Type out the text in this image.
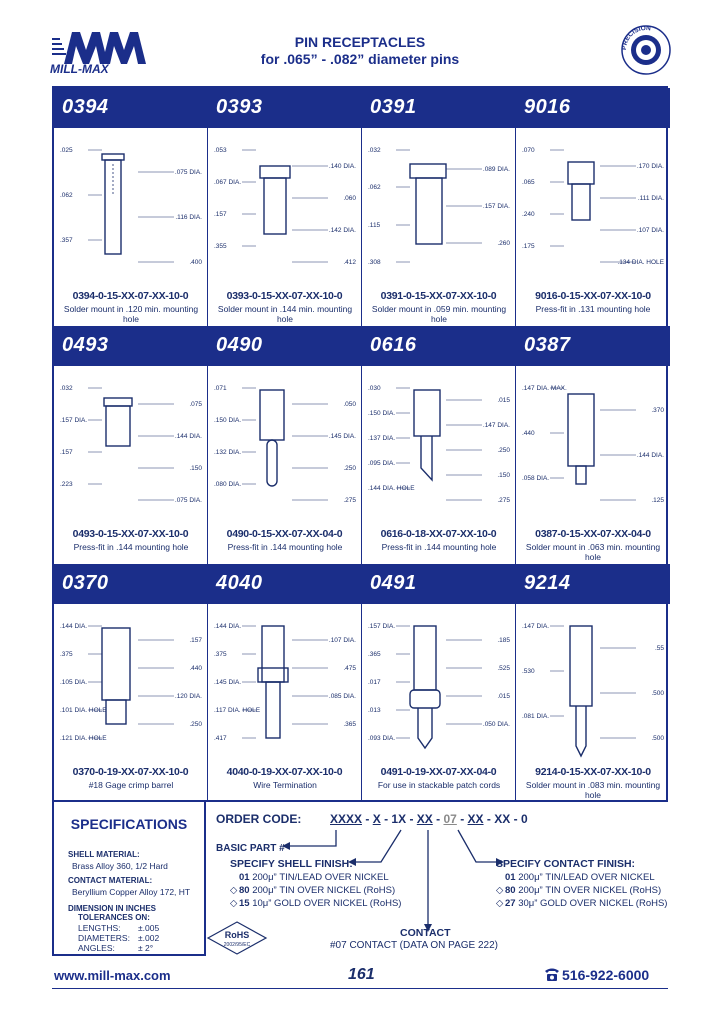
MILL-MAX
PIN RECEPTACLES
for .065” - .082” diameter pins
PRECISION
0394
.025
.075 DIA.
.062
.116 DIA.
.357
.400
0394-0-15-XX-07-XX-10-0
Solder mount in .120 min. mounting hole
0393
.053
.140 DIA.
.067 DIA.
.060
.157
.142 DIA.
.355
.412
0393-0-15-XX-07-XX-10-0
Solder mount in .144 min. mounting hole
0391
.032
.089 DIA.
.062
.157 DIA.
.115
.260
.308
0391-0-15-XX-07-XX-10-0
Solder mount in .059 min. mounting hole
9016
.070
.170 DIA.
.065
.111 DIA.
.240
.107 DIA.
.175
.134 DIA. HOLE
9016-0-15-XX-07-XX-10-0
Press-fit in .131 mounting hole
0493
.032
.075
.157 DIA.
.144 DIA.
.157
.150
.223
.075 DIA.
0493-0-15-XX-07-XX-10-0
Press-fit in .144 mounting hole
0490
.071
.050
.150 DIA.
.145 DIA.
.132 DIA.
.250
.080 DIA.
.275
0490-0-15-XX-07-XX-04-0
Press-fit in .144 mounting hole
0616
.030
.015
.150 DIA.
.147 DIA.
.137 DIA.
.250
.095 DIA.
.150
.144 DIA. HOLE
.275
0616-0-18-XX-07-XX-10-0
Press-fit in .144 mounting hole
0387
.147 DIA. MAX.
.370
.440
.144 DIA.
.058 DIA.
.125
0387-0-15-XX-07-XX-04-0
Solder mount in .063 min. mounting hole
0370
.144 DIA.
.157
.375
.440
.105 DIA.
.120 DIA.
.101 DIA. HOLE
.250
.121 DIA. HOLE
0370-0-19-XX-07-XX-10-0
#18 Gage crimp barrel
4040
.144 DIA.
.107 DIA.
.375
.475
.145 DIA.
.085 DIA.
.117 DIA. HOLE
.365
.417
4040-0-19-XX-07-XX-10-0
Wire Termination
0491
.157 DIA.
.185
.365
.525
.017
.015
.013
.050 DIA.
.093 DIA.
0491-0-19-XX-07-XX-04-0
For use in stackable patch cords
9214
.147 DIA.
.55
.530
.500
.081 DIA.
.500
9214-0-15-XX-07-XX-10-0
Solder mount in .083 min. mounting hole
SPECIFICATIONS
SHELL MATERIAL:
Brass Alloy 360, 1/2 Hard
CONTACT MATERIAL:
Beryllium Copper Alloy 172, HT
DIMENSION IN INCHES
TOLERANCES ON:
LENGTHS: ±.005
DIAMETERS: ±.002
ANGLES:	± 2°
ORDER CODE: XXXX - X - 1X - XX - 07 - XX - XX - 0
BASIC PART #
SPECIFY SHELL FINISH:
01 200μ” TIN/LEAD OVER NICKEL
◇ 80 200μ” TIN OVER NICKEL (RoHS)
◇ 15 10μ” GOLD OVER NICKEL (RoHS)
SPECIFY CONTACT FINISH:
01 200μ” TIN/LEAD OVER NICKEL
◇ 80 200μ” TIN OVER NICKEL (RoHS)
◇ 27 30μ” GOLD OVER NICKEL (RoHS)
CONTACT
#07 CONTACT (DATA ON PAGE 222)
RoHS
2002/95/EC
www.mill-max.com	161	516-922-6000
